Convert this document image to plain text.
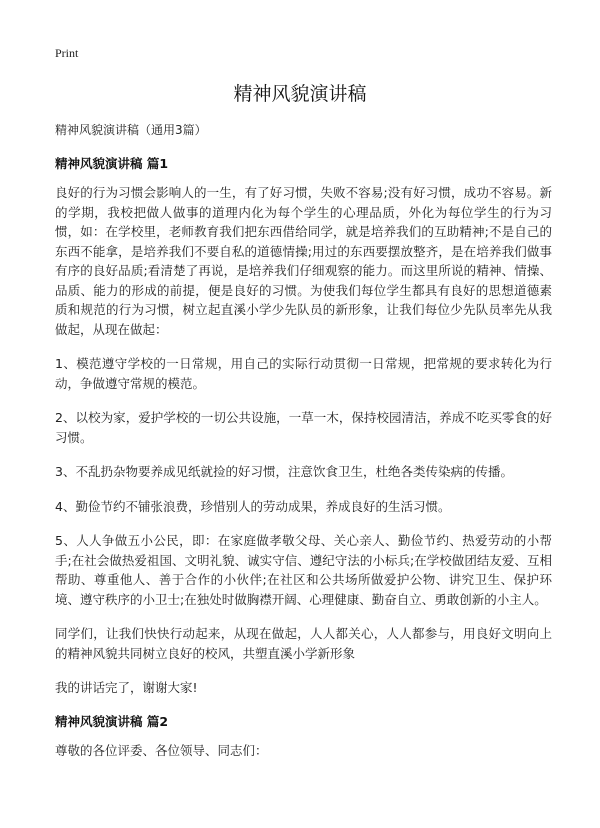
Print
精神风貌演讲稿

精神风貌演讲稿（通用3篇）

精神风貌演讲稿 篇1

良好的行为习惯会影响人的一生，有了好习惯，失败不容易;没有好习惯，成功不容易。新的学期，我校把做人做事的道理内化为每个学生的心理品质，外化为每位学生的行为习惯，如：在学校里，老师教育我们把东西借给同学，就是培养我们的互助精神;不是自己的东西不能拿，是培养我们不要自私的道德情操;用过的东西要摆放整齐，是在培养我们做事有序的良好品质;看清楚了再说，是培养我们仔细观察的能力。而这里所说的精神、情操、品质、能力的形成的前提，便是良好的习惯。为使我们每位学生都具有良好的思想道德素质和规范的行为习惯，树立起直溪小学少先队员的新形象，让我们每位少先队员率先从我做起，从现在做起：

1、模范遵守学校的一日常规，用自己的实际行动贯彻一日常规，把常规的要求转化为行动，争做遵守常规的模范。

2、以校为家，爱护学校的一切公共设施，一草一木，保持校园清洁，养成不吃买零食的好习惯。

3、不乱扔杂物要养成见纸就捡的好习惯，注意饮食卫生，杜绝各类传染病的传播。

4、勤俭节约不铺张浪费，珍惜别人的劳动成果，养成良好的生活习惯。

5、人人争做五小公民，即：在家庭做孝敬父母、关心亲人、勤俭节约、热爱劳动的小帮手;在社会做热爱祖国、文明礼貌、诚实守信、遵纪守法的小标兵;在学校做团结友爱、互相帮助、尊重他人、善于合作的小伙伴;在社区和公共场所做爱护公物、讲究卫生、保护环境、遵守秩序的小卫士;在独处时做胸襟开阔、心理健康、勤奋自立、勇敢创新的小主人。

同学们，让我们快快行动起来，从现在做起，人人都关心，人人都参与，用良好文明向上的精神风貌共同树立良好的校风，共塑直溪小学新形象

我的讲话完了，谢谢大家!

精神风貌演讲稿 篇2

尊敬的各位评委、各位领导、同志们：
